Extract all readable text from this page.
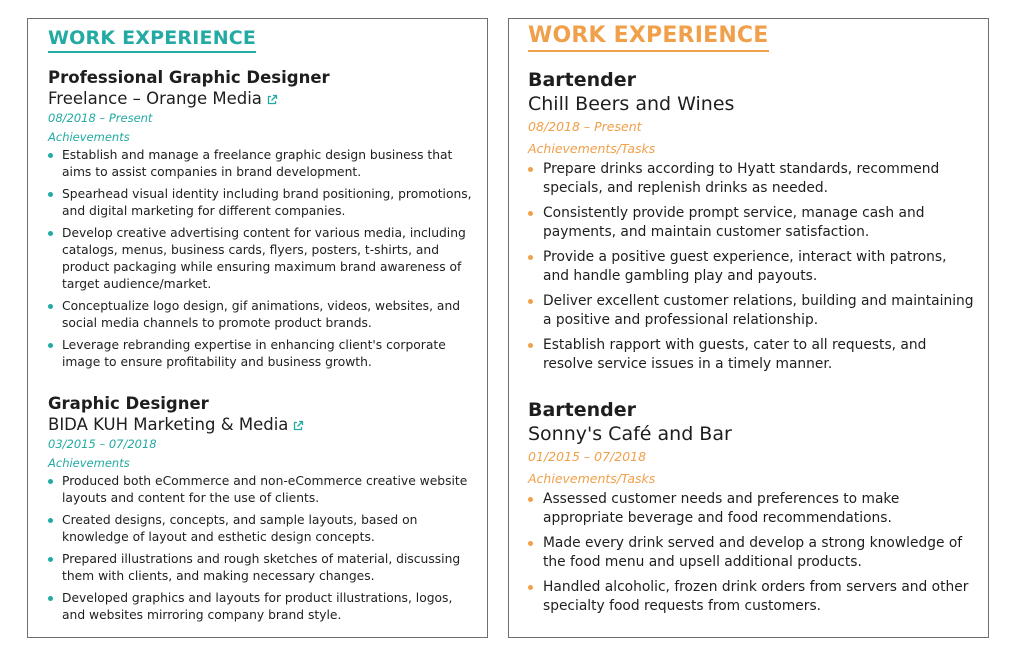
WORK EXPERIENCE

Professional Graphic Designer

Freelance – Orange Media

08/2018 – Present

Achievements

Establish and manage a freelance graphic design business that aims to assist companies in brand development.
Spearhead visual identity including brand positioning, promotions, and digital marketing for different companies.
Develop creative advertising content for various media, including catalogs, menus, business cards, flyers, posters, t-shirts, and product packaging while ensuring maximum brand awareness of target audience/market.
Conceptualize logo design, gif animations, videos, websites, and social media channels to promote product brands.
Leverage rebranding expertise in enhancing client's corporate image to ensure profitability and business growth.

Graphic Designer

BIDA KUH Marketing & Media

03/2015 – 07/2018

Achievements

Produced both eCommerce and non-eCommerce creative website layouts and content for the use of clients.
Created designs, concepts, and sample layouts, based on knowledge of layout and esthetic design concepts.
Prepared illustrations and rough sketches of material, discussing them with clients, and making necessary changes.
Developed graphics and layouts for product illustrations, logos, and websites mirroring company brand style.
WORK EXPERIENCE

Bartender

Chill Beers and Wines

08/2018 – Present

Achievements/Tasks

Prepare drinks according to Hyatt standards, recommend specials, and replenish drinks as needed.
Consistently provide prompt service, manage cash and payments, and maintain customer satisfaction.
Provide a positive guest experience, interact with patrons, and handle gambling play and payouts.
Deliver excellent customer relations, building and maintaining a positive and professional relationship.
Establish rapport with guests, cater to all requests, and resolve service issues in a timely manner.

Bartender

Sonny's Café and Bar

01/2015 – 07/2018

Achievements/Tasks

Assessed customer needs and preferences to make appropriate beverage and food recommendations.
Made every drink served and develop a strong knowledge of the food menu and upsell additional products.
Handled alcoholic, frozen drink orders from servers and other specialty food requests from customers.
